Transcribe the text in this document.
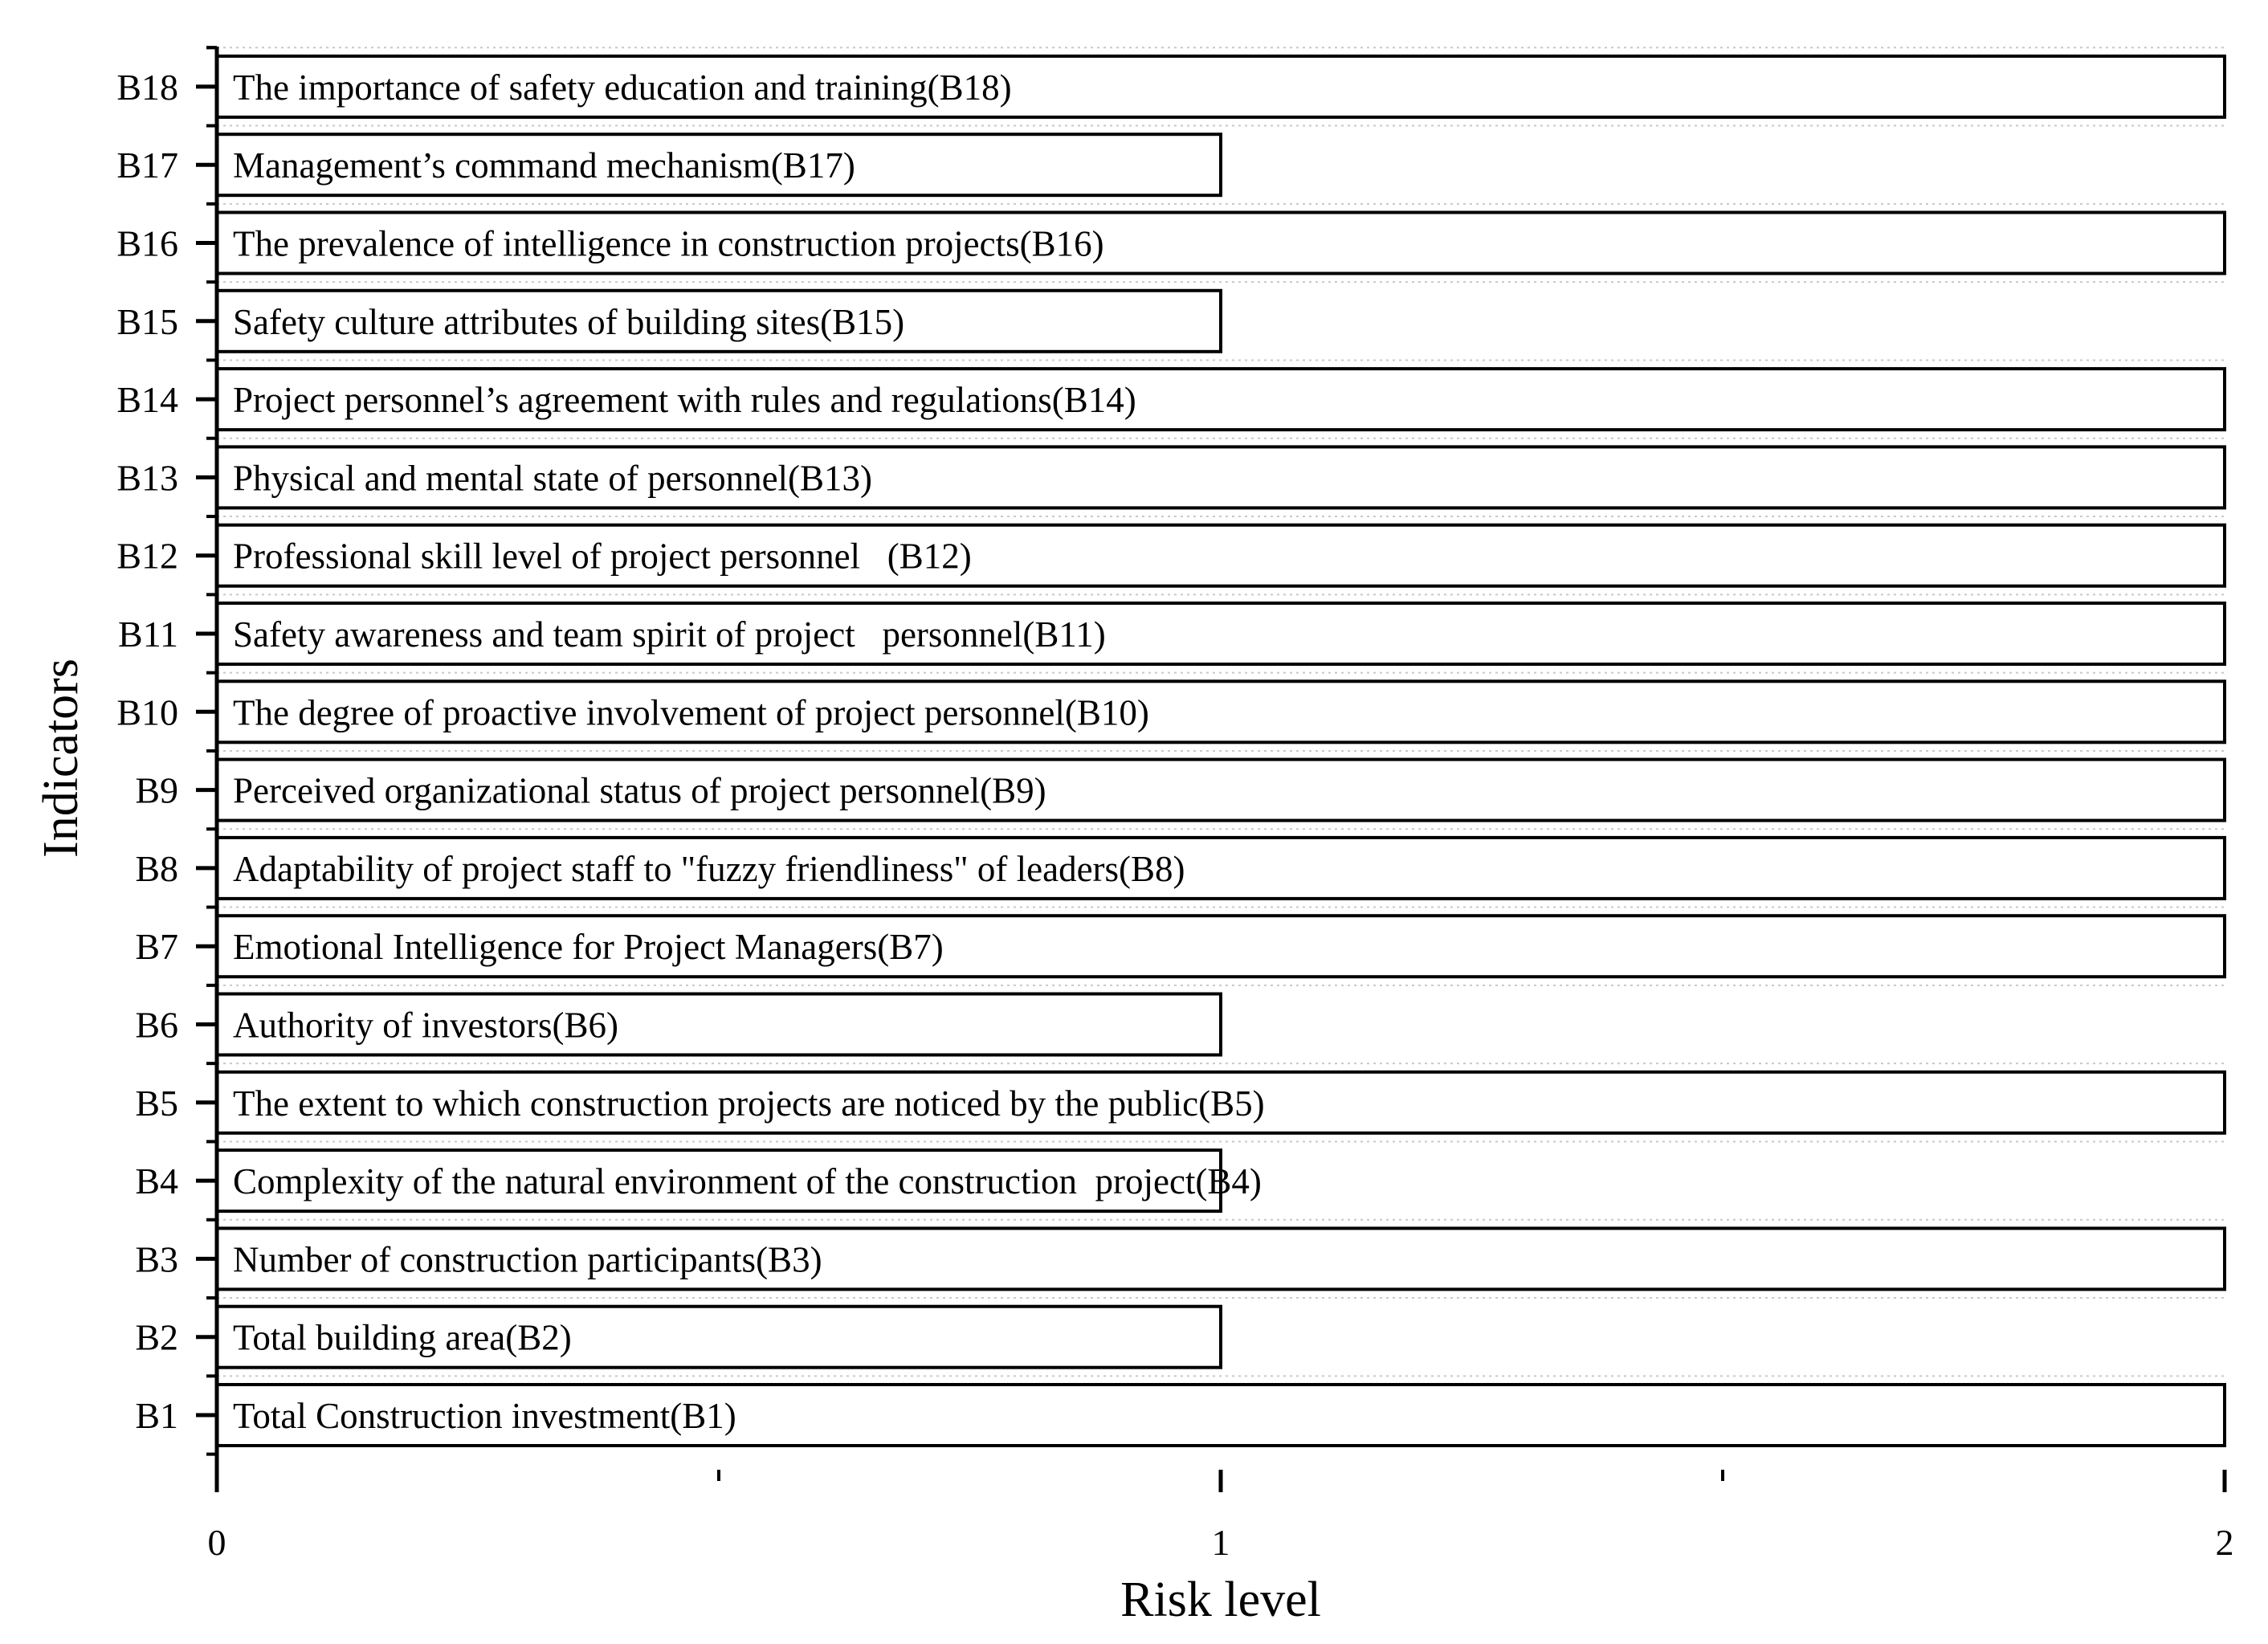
Total Construction investment(B1)
Total building area(B2)
Number of construction participants(B3)
Complexity of the natural environment of the construction  project(B4)
The extent to which construction projects are noticed by the public(B5)
Authority of investors(B6)
Emotional Intelligence for Project Managers(B7)
Adaptability of project staff to "fuzzy friendliness" of leaders(B8)
Perceived organizational status of project personnel(B9)
The degree of proactive involvement of project personnel(B10)
Safety awareness and team spirit of project   personnel(B11)
Professional skill level of project personnel   (B12)
Physical and mental state of personnel(B13)
Project personnel’s agreement with rules and regulations(B14)
Safety culture attributes of building sites(B15)
The prevalence of intelligence in construction projects(B16)
Management’s command mechanism(B17)
The importance of safety education and training(B18)
B1
B2
B3
B4
B5
B6
B7
B8
B9
B10
B11
B12
B13
B14
B15
B16
B17
B18
0	1	2
Risk level
Indicators
